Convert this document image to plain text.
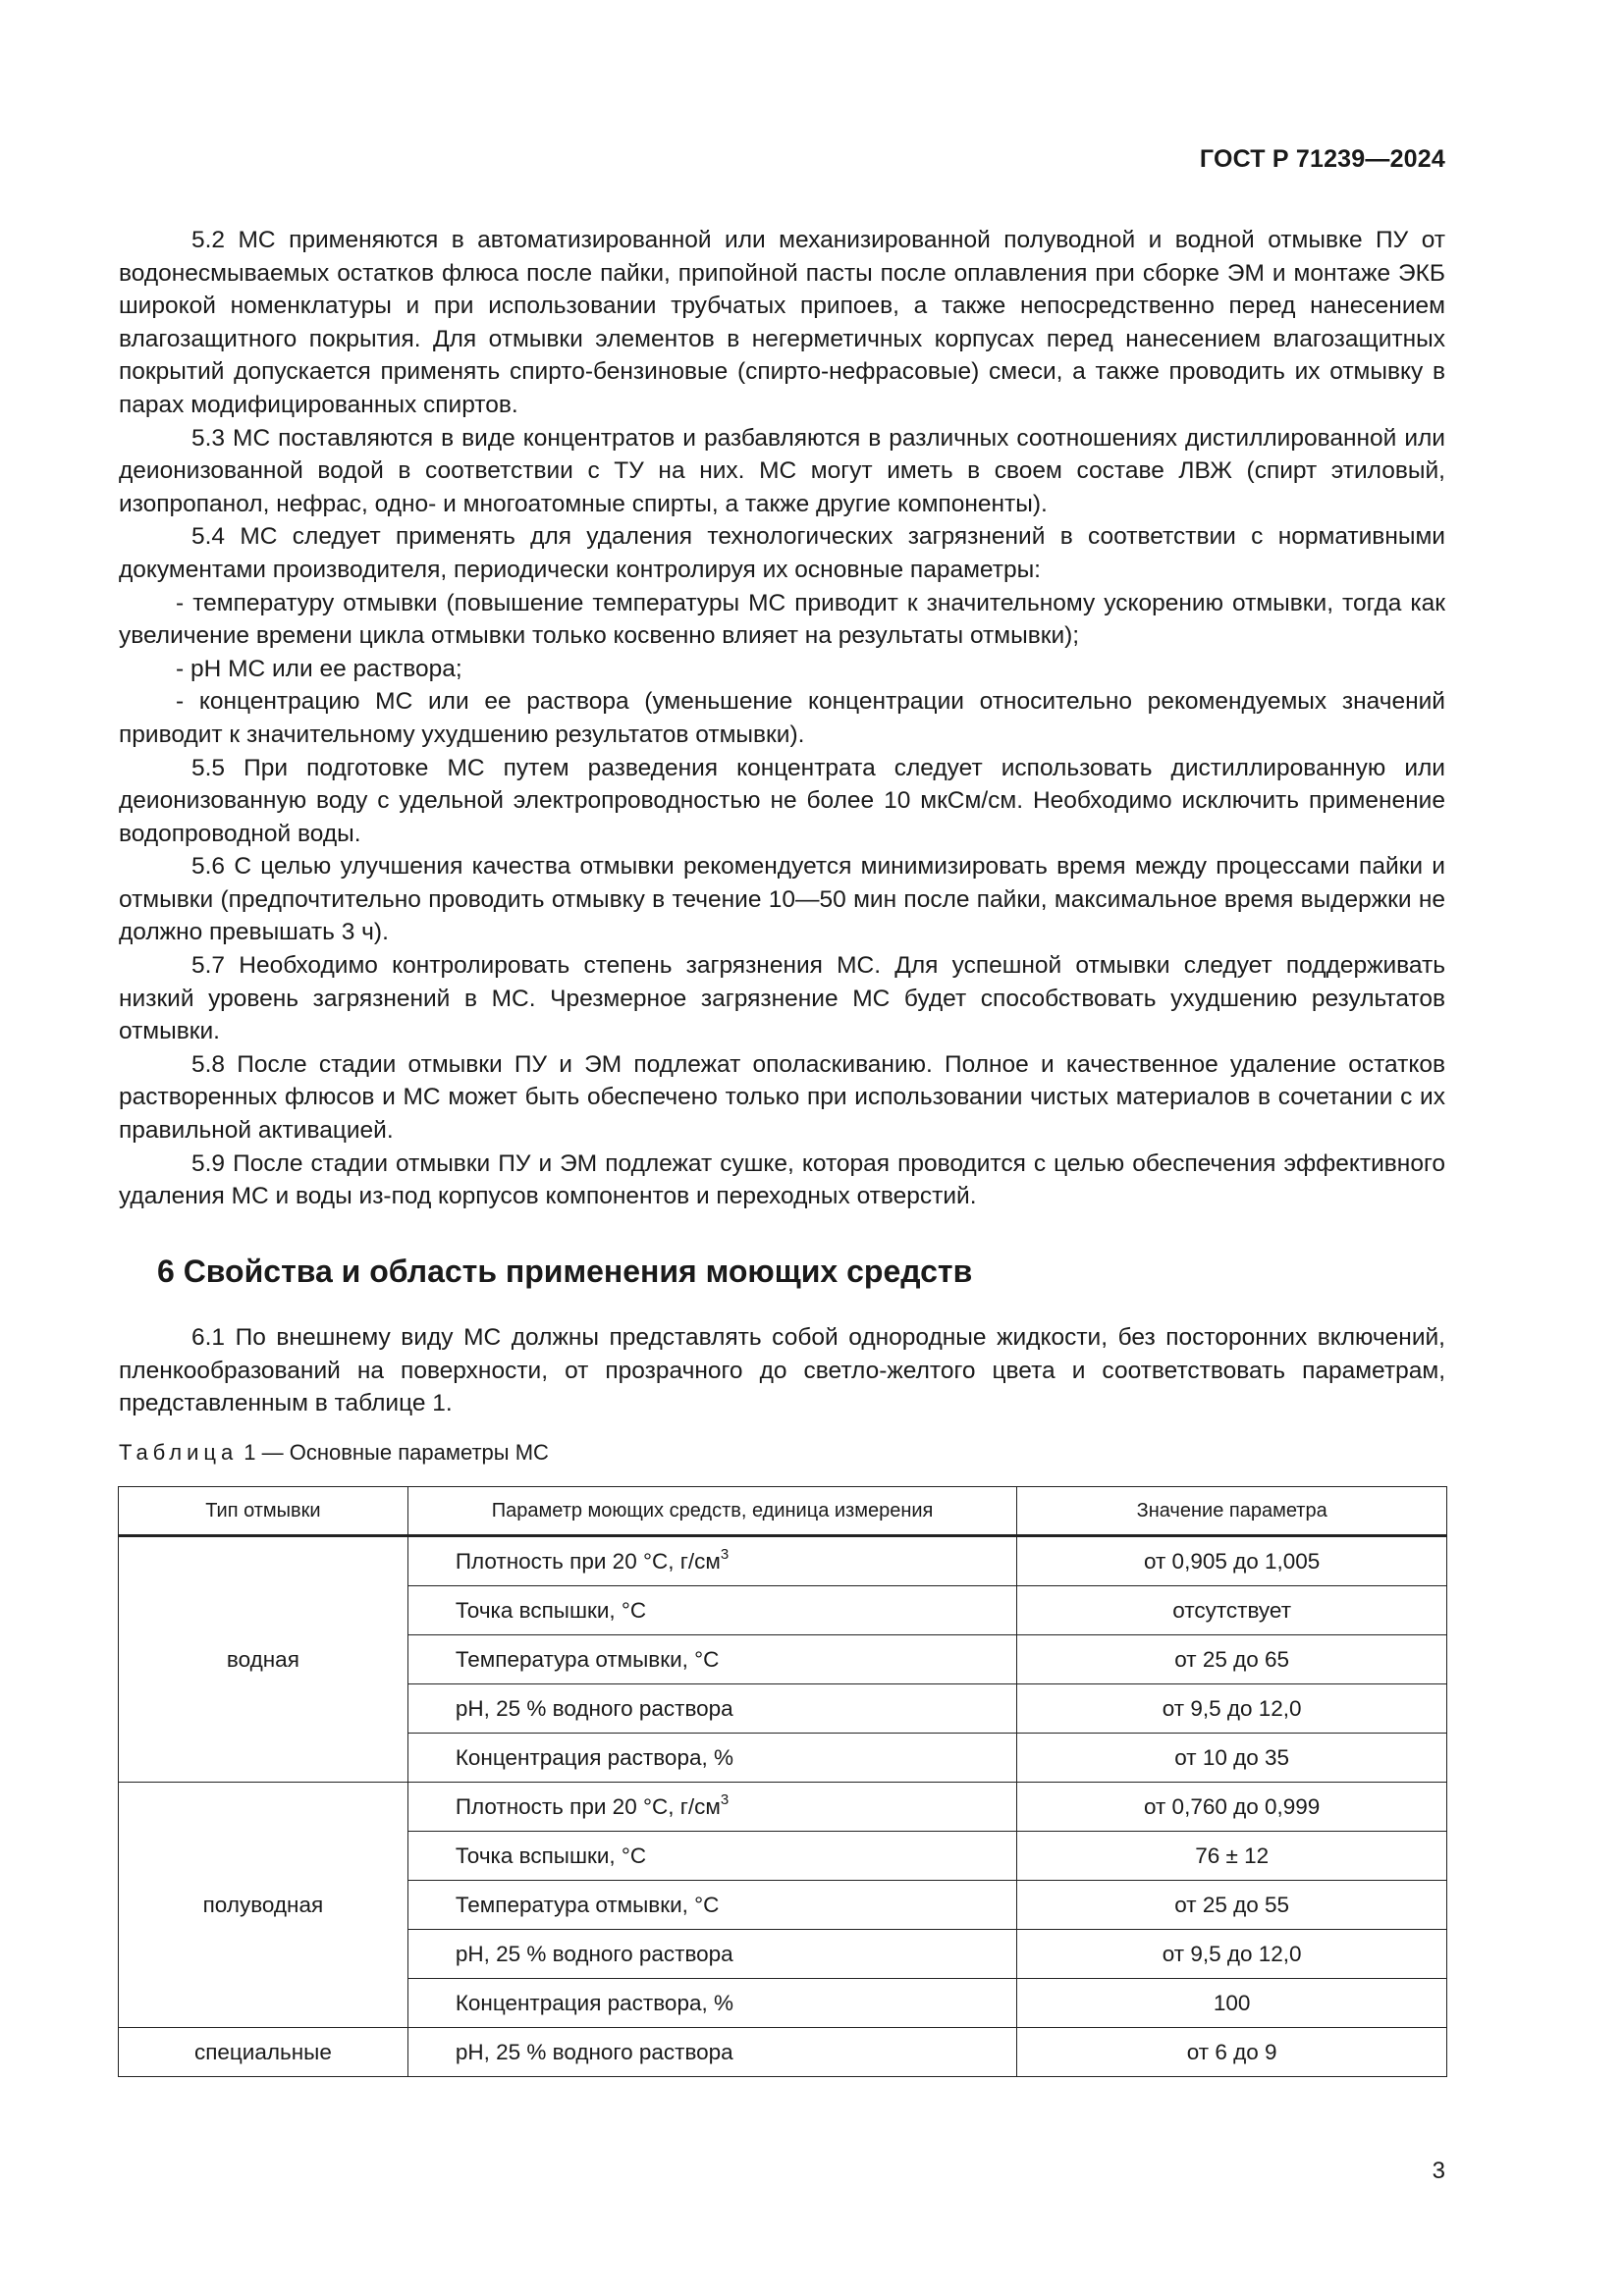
ГОСТ Р 71239—2024

5.2 МС применяются в автоматизированной или механизированной полуводной и водной отмывке ПУ от водонесмываемых остатков флюса после пайки, припойной пасты после оплавления при сборке ЭМ и монтаже ЭКБ широкой номенклатуры и при использовании трубчатых припоев, а также непосредственно перед нанесением влагозащитного покрытия. Для отмывки элементов в негерметичных корпусах перед нанесением влагозащитных покрытий допускается применять спирто-бензиновые (спирто-нефрасовые) смеси, а также проводить их отмывку в парах модифицированных спиртов.

5.3 МС поставляются в виде концентратов и разбавляются в различных соотношениях дистиллированной или деионизованной водой в соответствии с ТУ на них. МС могут иметь в своем составе ЛВЖ (спирт этиловый, изопропанол, нефрас, одно- и многоатомные спирты, а также другие компоненты).

5.4 МС следует применять для удаления технологических загрязнений в соответствии с нормативными документами производителя, периодически контролируя их основные параметры:

- температуру отмывки (повышение температуры МС приводит к значительному ускорению отмывки, тогда как увеличение времени цикла отмывки только косвенно влияет на результаты отмывки);

- pH МС или ее раствора;

- концентрацию МС или ее раствора (уменьшение концентрации относительно рекомендуемых значений приводит к значительному ухудшению результатов отмывки).

5.5 При подготовке МС путем разведения концентрата следует использовать дистиллированную или деионизованную воду с удельной электропроводностью не более 10 мкСм/см. Необходимо исключить применение водопроводной воды.

5.6 С целью улучшения качества отмывки рекомендуется минимизировать время между процессами пайки и отмывки (предпочтительно проводить отмывку в течение 10—50 мин после пайки, максимальное время выдержки не должно превышать 3 ч).

5.7 Необходимо контролировать степень загрязнения МС. Для успешной отмывки следует поддерживать низкий уровень загрязнений в МС. Чрезмерное загрязнение МС будет способствовать ухудшению результатов отмывки.

5.8 После стадии отмывки ПУ и ЭМ подлежат ополаскиванию. Полное и качественное удаление остатков растворенных флюсов и МС может быть обеспечено только при использовании чистых материалов в сочетании с их правильной активацией.

5.9 После стадии отмывки ПУ и ЭМ подлежат сушке, которая проводится с целью обеспечения эффективного удаления МС и воды из-под корпусов компонентов и переходных отверстий.

6 Свойства и область применения моющих средств

6.1 По внешнему виду МС должны представлять собой однородные жидкости, без посторонних включений, пленкообразований на поверхности, от прозрачного до светло-желтого цвета и соответствовать параметрам, представленным в таблице 1.

Таблица 1 — Основные параметры МС
Тип отмывки	Параметр моющих средств, единица измерения	Значение параметра
водная	Плотность при 20 °С, $г/см^3$	от 0,905 до 1,005
	Точка вспышки, °С	отсутствует
	Температура отмывки, °С	от 25 до 65
	pH, 25 % водного раствора	от 9,5 до 12,0
	Концентрация раствора, %	от 10 до 35
полуводная	Плотность при 20 °С, $г/см^3$	от 0,760 до 0,999
	Точка вспышки, °С	76 ± 12
	Температура отмывки, °С	от 25 до 55
	pH, 25 % водного раствора	от 9,5 до 12,0
	Концентрация раствора, %	100
специальные	pH, 25 % водного раствора	от 6 до 9
3
